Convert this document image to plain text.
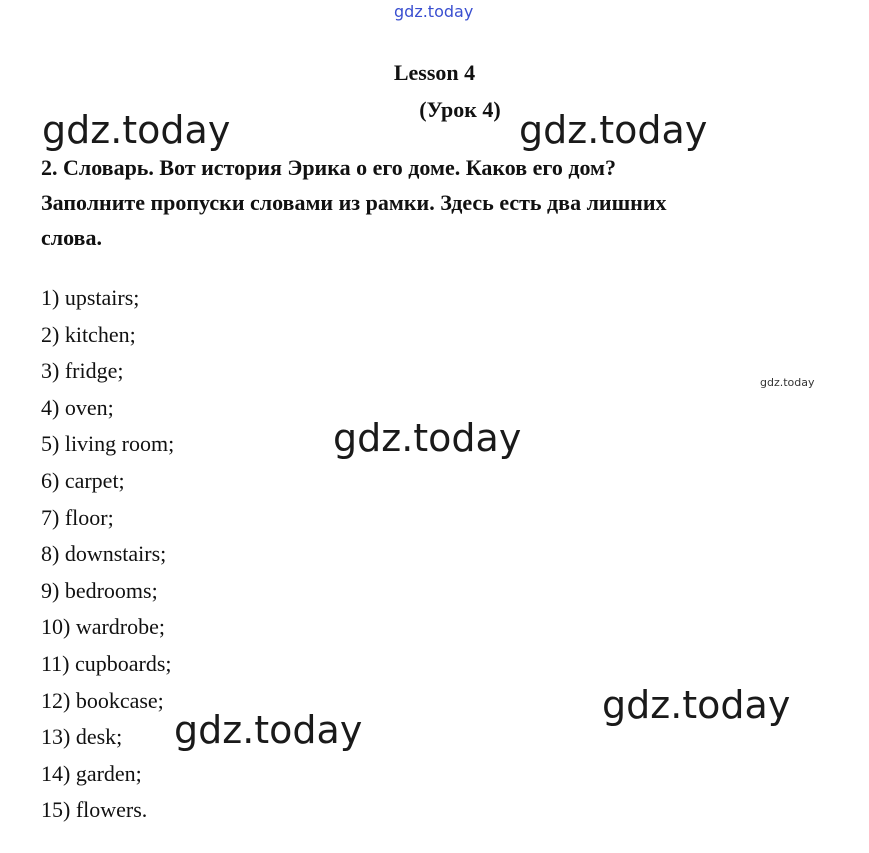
gdz.today
Lesson 4
(Урок 4)
2. Словарь. Вот история Эрика о его доме. Каков его дом?
Заполните пропуски словами из рамки. Здесь есть два лишних
слова.
1) upstairs;
2) kitchen;
3) fridge;
4) oven;
5) living room;
6) carpet;
7) floor;
8) downstairs;
9) bedrooms;
10) wardrobe;
11) cupboards;
12) bookcase;
13) desk;
14) garden;
15) flowers.
gdz.today	gdz.today
gdz.today
gdz.today
gdz.today
gdz.today
